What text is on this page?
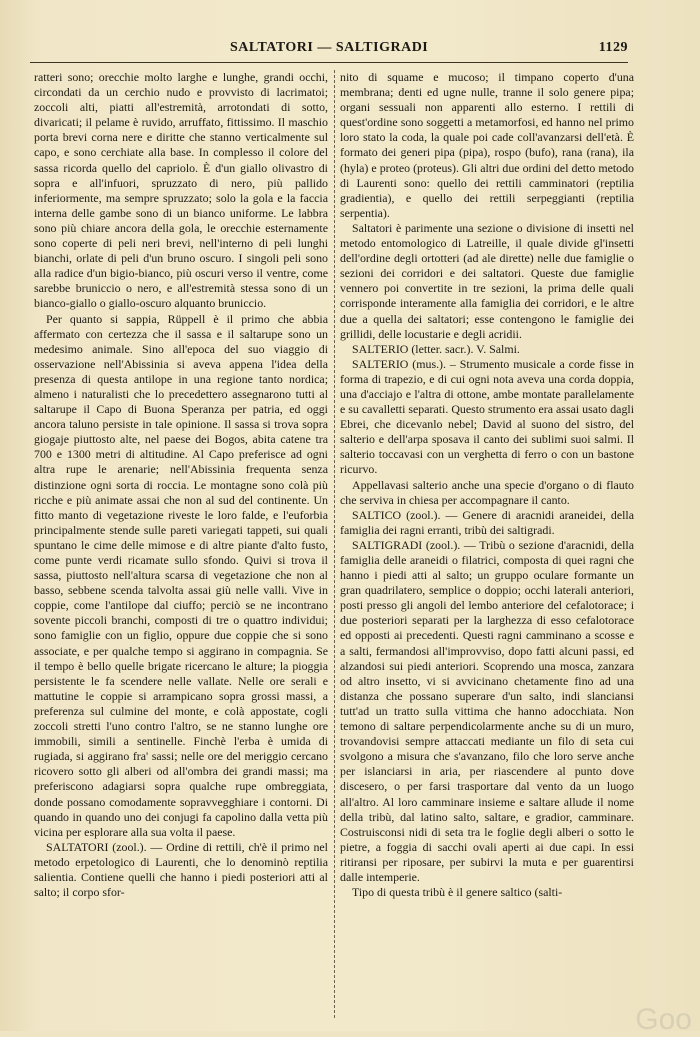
SALTATORI — SALTIGRADI	1129

ratteri sono; orecchie molto larghe e lunghe, grandi occhi, circondati da un cerchio nudo e provvisto di lacrimatoi; zoccoli alti, piatti all'estremità, arrotondati di sotto, divaricati; il pelame è ruvido, arruffato, fittissimo. Il maschio porta brevi corna nere e diritte che stanno verticalmente sul capo, e sono cerchiate alla base. In complesso il colore del sassa ricorda quello del capriolo. È d'un giallo olivastro di sopra e all'infuori, spruzzato di nero, più pallido inferiormente, ma sempre spruzzato; solo la gola e la faccia interna delle gambe sono di un bianco uniforme. Le labbra sono più chiare ancora della gola, le orecchie esternamente sono coperte di peli neri brevi, nell'interno di peli lunghi bianchi, orlate di peli d'un bruno oscuro. I singoli peli sono alla radice d'un bigio-bianco, più oscuri verso il ventre, come sarebbe bruniccio o nero, e all'estremità stessa sono di un bianco-giallo o giallo-oscuro alquanto bruniccio.

Per quanto si sappia, Rüppell è il primo che abbia affermato con certezza che il sassa e il saltarupe sono un medesimo animale. Sino all'epoca del suo viaggio di osservazione nell'Abissinia si aveva appena l'idea della presenza di questa antilope in una regione tanto nordica; almeno i naturalisti che lo precedettero assegnarono tutti al saltarupe il Capo di Buona Speranza per patria, ed oggi ancora taluno persiste in tale opinione. Il sassa si trova sopra giogaje piuttosto alte, nel paese dei Bogos, abita catene tra 700 e 1300 metri di altitudine. Al Capo preferisce ad ogni altra rupe le arenarie; nell'Abissinia frequenta senza distinzione ogni sorta di roccia. Le montagne sono colà più ricche e più animate assai che non al sud del continente. Un fitto manto di vegetazione riveste le loro falde, e l'euforbia principalmente stende sulle pareti variegati tappeti, sui quali spuntano le cime delle mimose e di altre piante d'alto fusto, come punte verdi ricamate sullo sfondo. Quivi si trova il sassa, piuttosto nell'altura scarsa di vegetazione che non al basso, sebbene scenda talvolta assai giù nelle valli. Vive in coppie, come l'antilope dal ciuffo; perciò se ne incontrano sovente piccoli branchi, composti di tre o quattro individui; sono famiglie con un figlio, oppure due coppie che si sono associate, e per qualche tempo si aggirano in compagnia. Se il tempo è bello quelle brigate ricercano le alture; la pioggia persistente le fa scendere nelle vallate. Nelle ore serali e mattutine le coppie si arrampicano sopra grossi massi, a preferenza sul culmine del monte, e colà appostate, cogli zoccoli stretti l'uno contro l'altro, se ne stanno lunghe ore immobili, simili a sentinelle. Finchè l'erba è umida di rugiada, si aggirano fra' sassi; nelle ore del meriggio cercano ricovero sotto gli alberi od all'ombra dei grandi massi; ma preferiscono adagiarsi sopra qualche rupe ombreggiata, donde possano comodamente sopravvegghiare i contorni. Di quando in quando uno dei conjugi fa capolino dalla vetta più vicina per esplorare alla sua volta il paese.

SALTATORI (zool.). — Ordine di rettili, ch'è il primo nel metodo erpetologico di Laurenti, che lo denominò reptilia salientia. Contiene quelli che hanno i piedi posteriori atti al salto; il corpo sfor-

nito di squame e mucoso; il timpano coperto d'una membrana; denti ed ugne nulle, tranne il solo genere pipa; organi sessuali non apparenti allo esterno. I rettili di quest'ordine sono soggetti a metamorfosi, ed hanno nel primo loro stato la coda, la quale poi cade coll'avanzarsi dell'età. È formato dei generi pipa (pipa), rospo (bufo), rana (rana), ila (hyla) e proteo (proteus). Gli altri due ordini del detto metodo di Laurenti sono: quello dei rettili camminatori (reptilia gradientia), e quello dei rettili serpeggianti (reptilia serpentia).

Saltatori è parimente una sezione o divisione di insetti nel metodo entomologico di Latreille, il quale divide gl'insetti dell'ordine degli ortotteri (ad ale dirette) nelle due famiglie o sezioni dei corridori e dei saltatori. Queste due famiglie vennero poi convertite in tre sezioni, la prima delle quali corrisponde interamente alla famiglia dei corridori, e le altre due a quella dei saltatori; esse contengono le famiglie dei grillidi, delle locustarie e degli acridii.

SALTERIO (letter. sacr.). V. Salmi.

SALTERIO (mus.). – Strumento musicale a corde fisse in forma di trapezio, e di cui ogni nota aveva una corda doppia, una d'acciajo e l'altra di ottone, ambe montate parallelamente e su cavalletti separati. Questo strumento era assai usato dagli Ebrei, che dicevanlo nebel; David al suono del sistro, del salterio e dell'arpa sposava il canto dei sublimi suoi salmi. Il salterio toccavasi con un verghetta di ferro o con un bastone ricurvo.

Appellavasi salterio anche una specie d'organo o di flauto che serviva in chiesa per accompagnare il canto.

SALTICO (zool.). — Genere di aracnidi araneidei, della famiglia dei ragni erranti, tribù dei saltigradi.

SALTIGRADI (zool.). — Tribù o sezione d'aracnidi, della famiglia delle araneidi o filatrici, composta di quei ragni che hanno i piedi atti al salto; un gruppo oculare formante un gran quadrilatero, semplice o doppio; occhi laterali anteriori, posti presso gli angoli del lembo anteriore del cefalotorace; i due posteriori separati per la larghezza di esso cefalotorace ed opposti ai precedenti. Questi ragni camminano a scosse e a salti, fermandosi all'improvviso, dopo fatti alcuni passi, ed alzandosi sui piedi anteriori. Scoprendo una mosca, zanzara od altro insetto, vi si avvicinano chetamente fino ad una distanza che possano superare d'un salto, indi slanciansi tutt'ad un tratto sulla vittima che hanno adocchiata. Non temono di saltare perpendicolarmente anche su di un muro, trovandovisi sempre attaccati mediante un filo di seta cui svolgono a misura che s'avanzano, filo che loro serve anche per islanciarsi in aria, per riascendere al punto dove discesero, o per farsi trasportare dal vento da un luogo all'altro. Al loro camminare insieme e saltare allude il nome della tribù, dal latino salto, saltare, e gradior, camminare. Costruisconsi nidi di seta tra le foglie degli alberi o sotto le pietre, a foggia di sacchi ovali aperti ai due capi. In essi ritiransi per riposare, per subirvi la muta e per guarentirsi dalle intemperie.

Tipo di questa tribù è il genere saltico (salti-

Goo
